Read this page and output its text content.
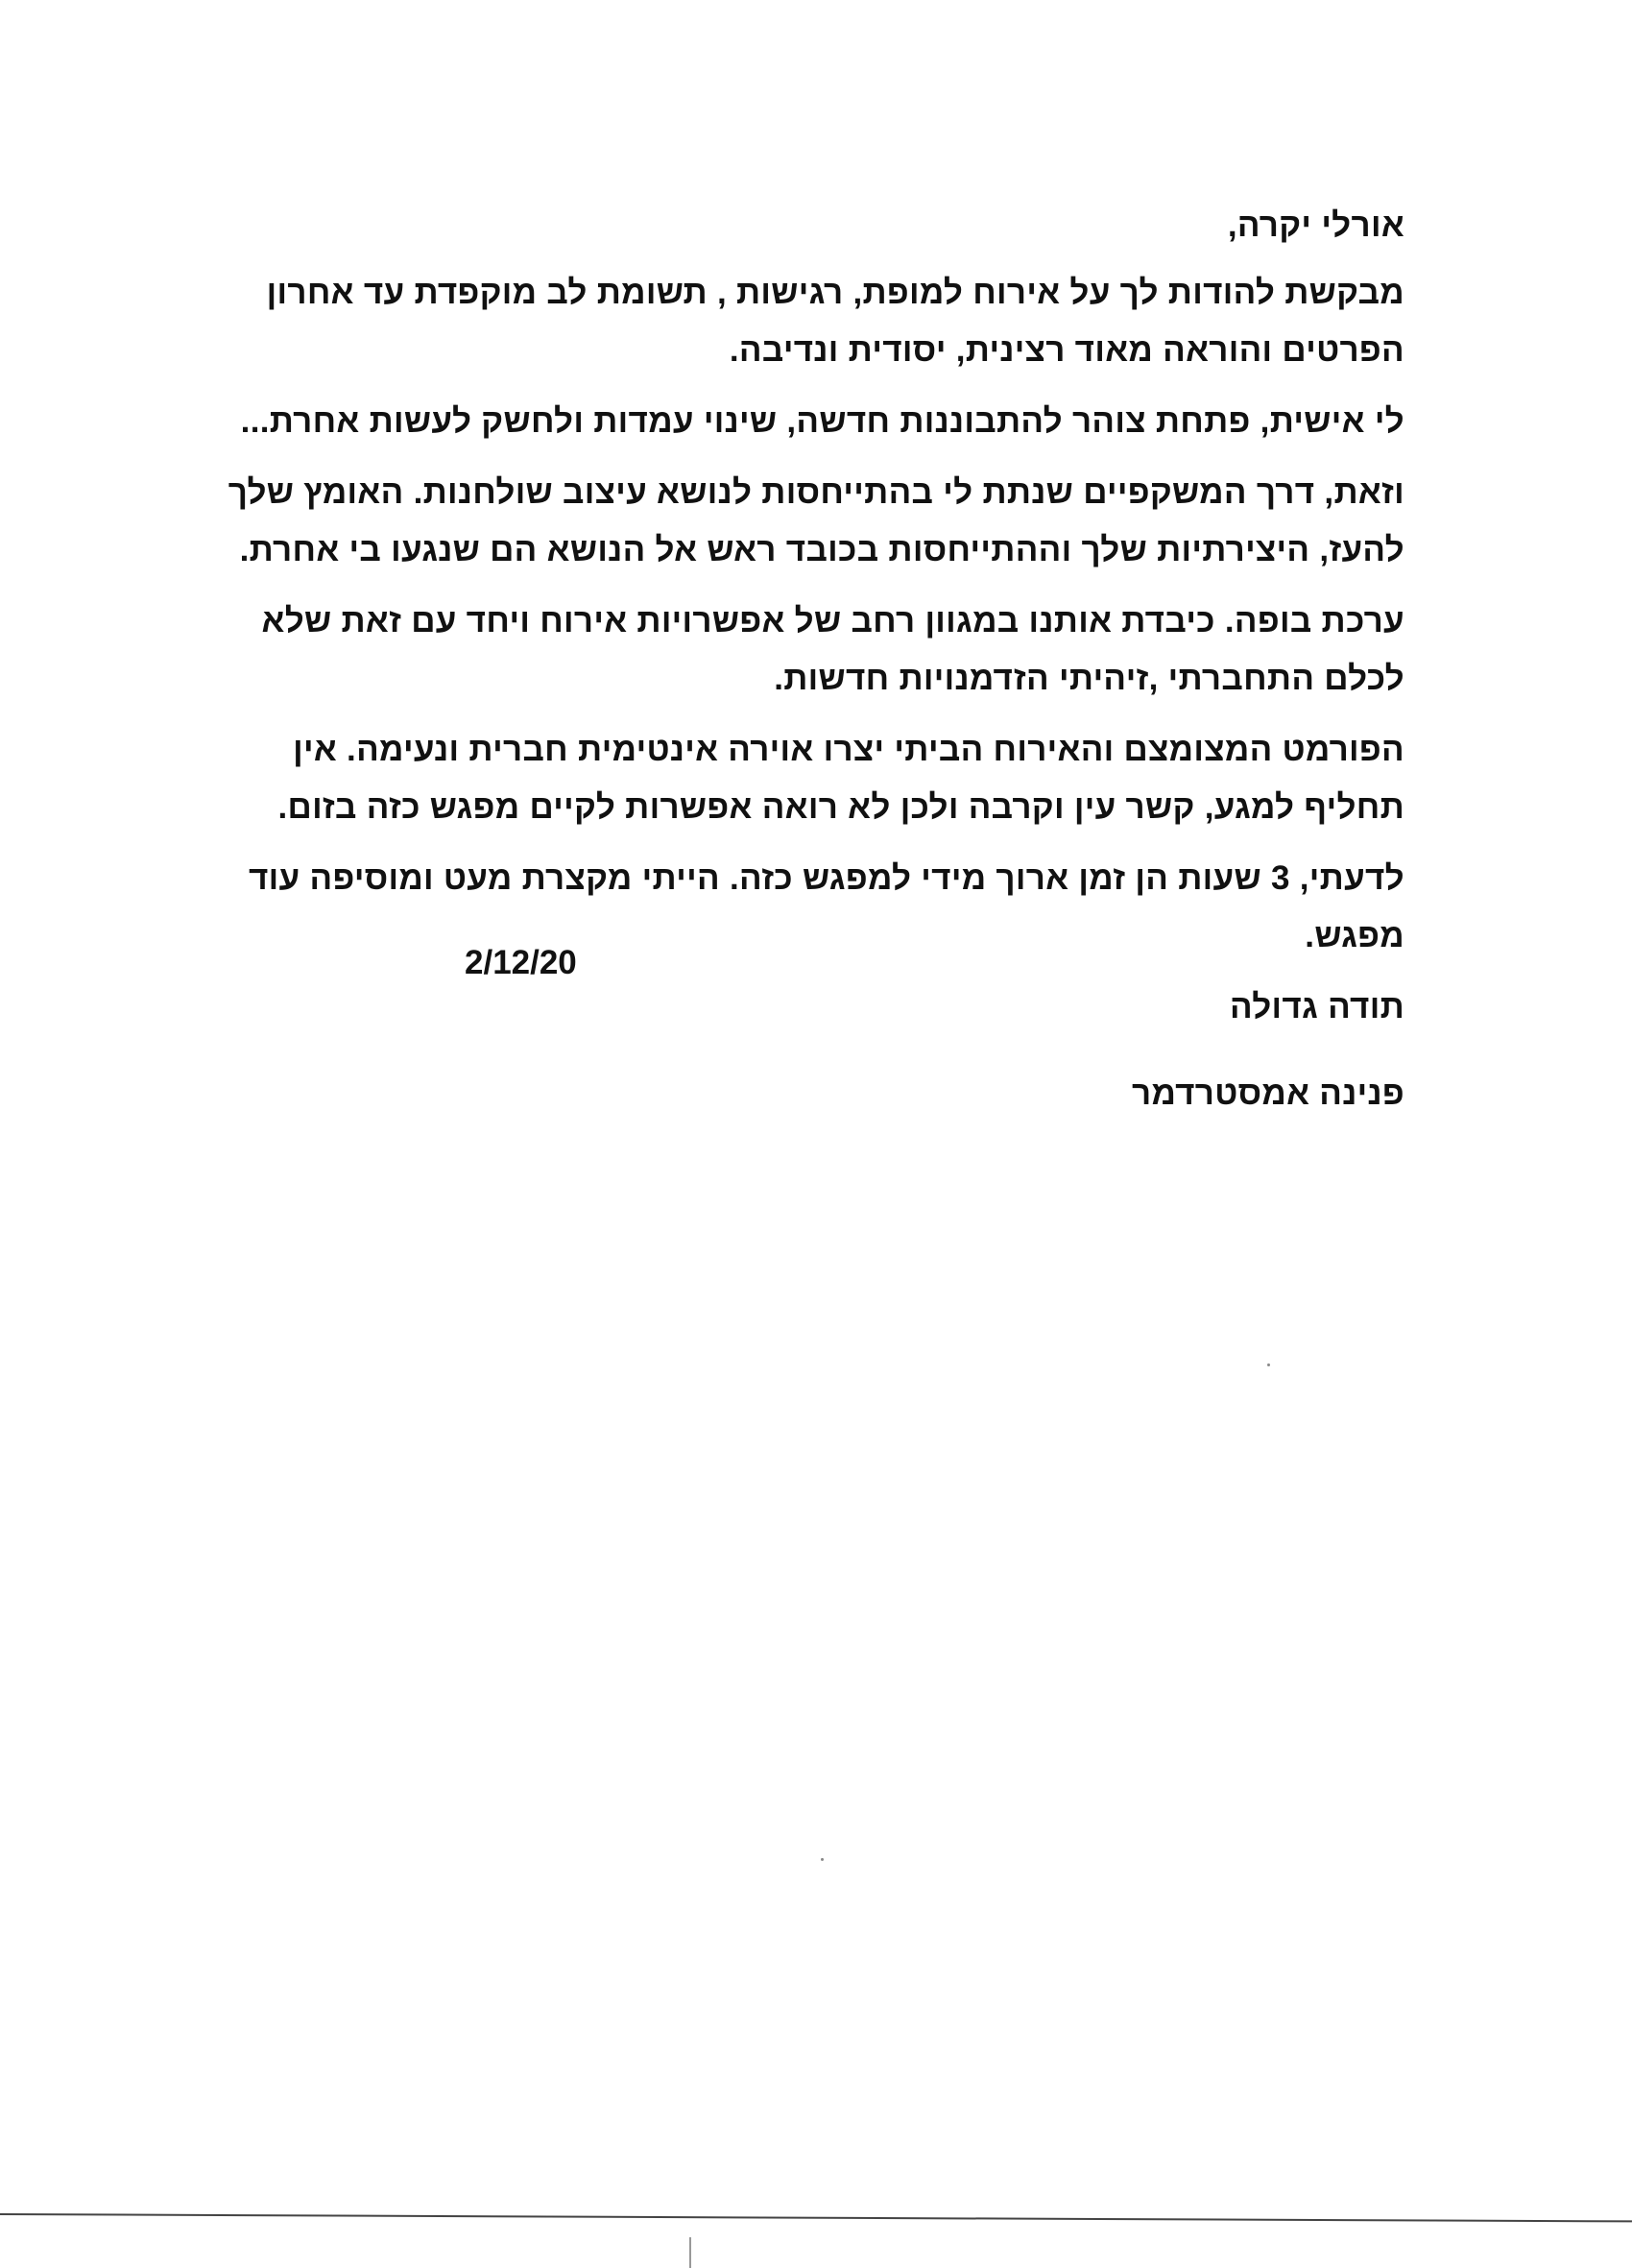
אורלי יקרה,
מבקשת להודות לך על אירוח למופת, רגישות , תשומת לב מוקפדת עד אחרון
הפרטים והוראה מאוד רצינית, יסודית ונדיבה.
לי אישית, פתחת צוהר להתבוננות חדשה, שינוי עמדות ולחשק לעשות אחרת...
וזאת, דרך המשקפיים שנתת לי בהתייחסות לנושא עיצוב שולחנות. האומץ שלך
להעז, היצירתיות שלך וההתייחסות בכובד ראש אל הנושא הם שנגעו בי אחרת.
ערכת בופה. כיבדת אותנו במגוון רחב של אפשרויות אירוח ויחד עם זאת שלא
לכלם התחברתי ,זיהיתי הזדמנויות חדשות.
הפורמט המצומצם והאירוח הביתי יצרו אוירה אינטימית חברית ונעימה. אין
תחליף למגע, קשר עין וקרבה ולכן לא רואה אפשרות לקיים מפגש כזה בזום.
לדעתי, 3 שעות הן זמן ארוך מידי למפגש כזה. הייתי מקצרת מעט ומוסיפה עוד
מפגש.
תודה גדולה
פנינה אמסטרדמר
2/12/20
